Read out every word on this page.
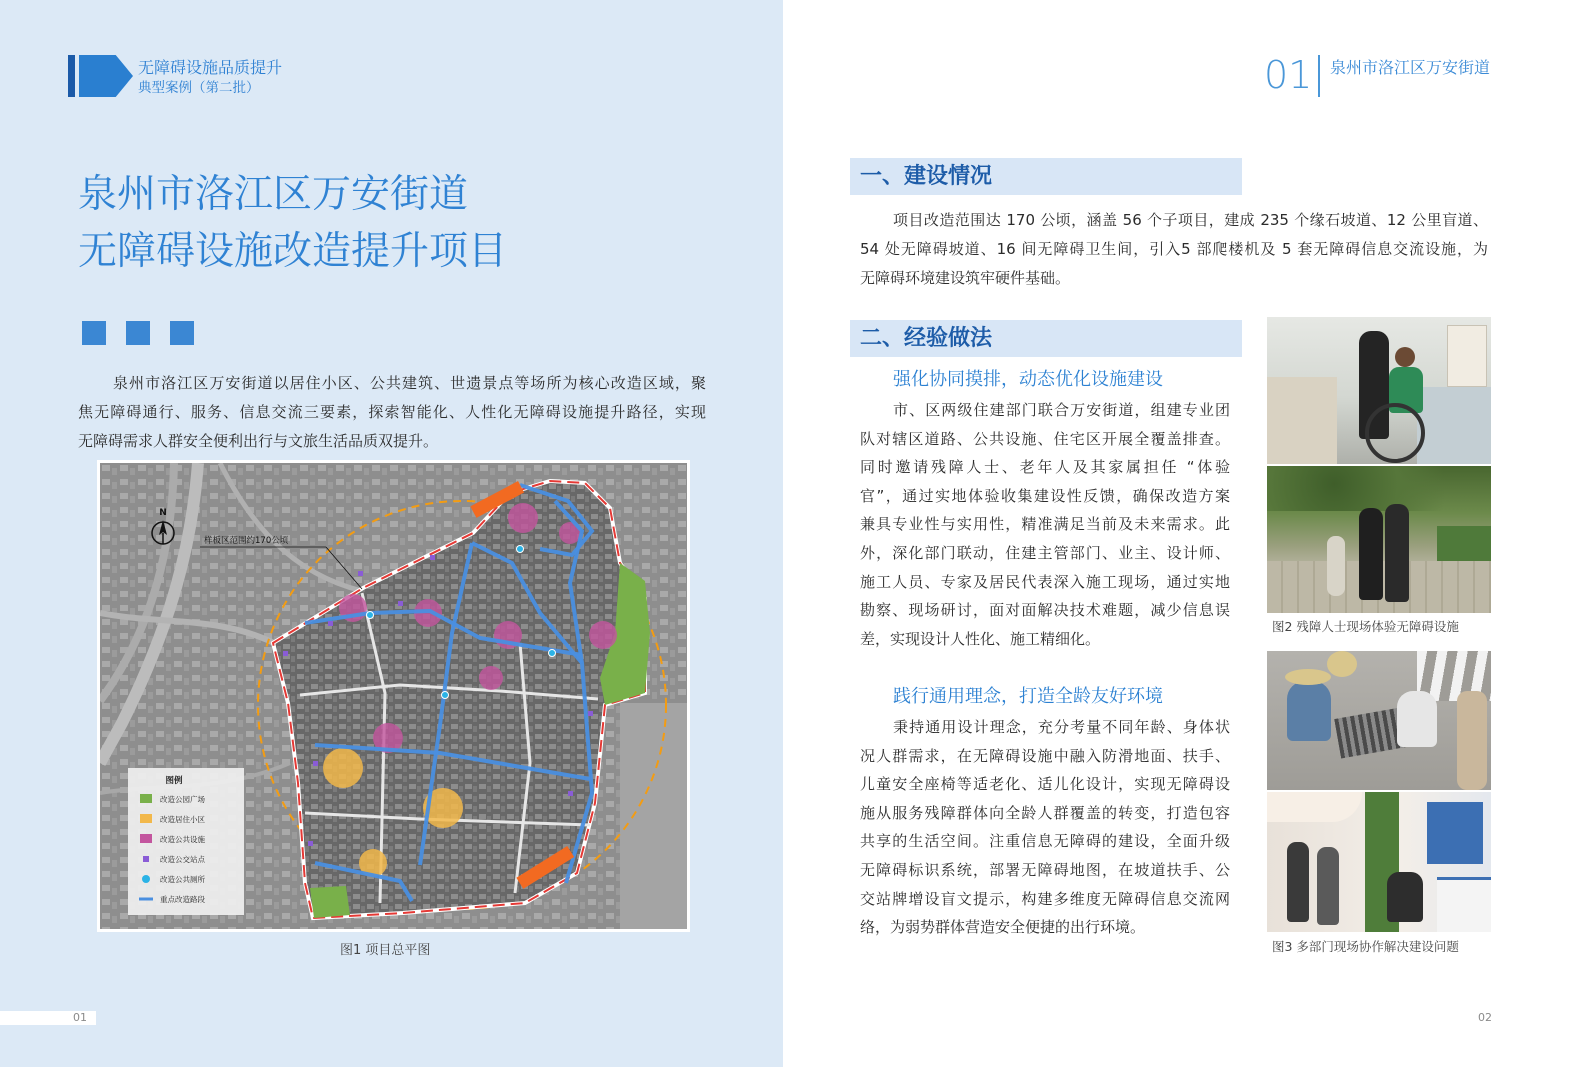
无障碍设施品质提升
典型案例（第二批）
泉州市洛江区万安街道
无障碍设施改造提升项目
泉州市洛江区万安街道以居住小区、公共建筑、世遗景点等场所为核心改造区域，聚
焦无障碍通行、服务、信息交流三要素，探索智能化、人性化无障碍设施提升路径，实现
无障碍需求人群安全便利出行与文旅生活品质双提升。
N
样板区范围约170公顷
图例
改造公园广场
改造居住小区
改造公共设施
改造公交站点
改造公共厕所
重点改造路段
图1 项目总平图
01
01 泉州市洛江区万安街道
一、建设情况
项目改造范围达 170 公顷，涵盖 56 个子项目，建成 235 个缘石坡道、12 公里盲道、
54 处无障碍坡道、16 间无障碍卫生间，引入5 部爬楼机及 5 套无障碍信息交流设施，为
无障碍环境建设筑牢硬件基础。
二、经验做法
强化协同摸排，动态优化设施建设
市、区两级住建部门联合万安街道，组建专业团
队对辖区道路、公共设施、住宅区开展全覆盖排查。
同时邀请残障人士、老年人及其家属担任 “体验
官”，通过实地体验收集建设性反馈，确保改造方案
兼具专业性与实用性，精准满足当前及未来需求。此
外，深化部门联动，住建主管部门、业主、设计师、
施工人员、专家及居民代表深入施工现场，通过实地
勘察、现场研讨，面对面解决技术难题，减少信息误
差，实现设计人性化、施工精细化。
践行通用理念，打造全龄友好环境
秉持通用设计理念，充分考量不同年龄、身体状
况人群需求，在无障碍设施中融入防滑地面、扶手、
儿童安全座椅等适老化、适儿化设计，实现无障碍设
施从服务残障群体向全龄人群覆盖的转变，打造包容
共享的生活空间。注重信息无障碍的建设，全面升级
无障碍标识系统，部署无障碍地图，在坡道扶手、公
交站牌增设盲文提示，构建多维度无障碍信息交流网
络，为弱势群体营造安全便捷的出行环境。
图2 残障人士现场体验无障碍设施
图3 多部门现场协作解决建设问题
02
